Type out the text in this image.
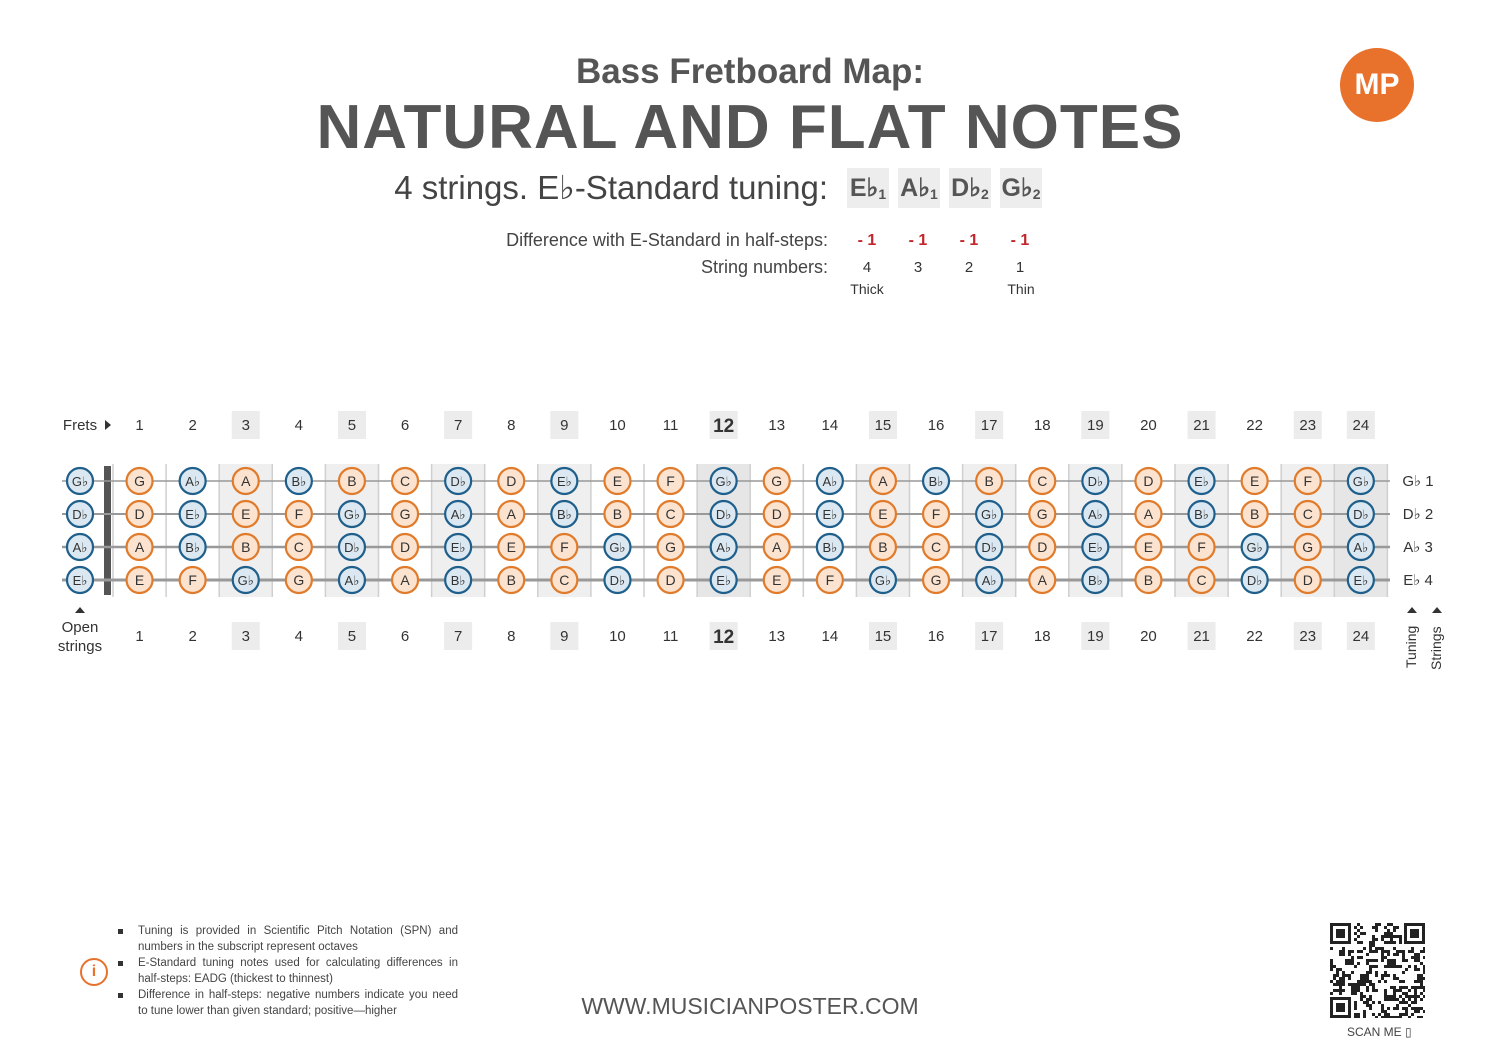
Bass Fretboard Map:
NATURAL AND FLAT NOTES
MP
4 strings. E♭-Standard tuning: E♭ 1 A♭ 1 D♭ 2 G♭ 2
Difference with E-Standard in half-steps:	- 1	- 1	- 1	- 1
String numbers:	4	3	2	1
Thick	Thin
1	2	3	4	5	6	7	8	9	10 11 12 13 14 15 16 17 18 19 20 21 22 23 24
1	2	3	4	5	6	7	8	9	10 11 12 13 14 15 16 17 18 19 20 21 22 23 24
Frets
Open
strings
G♭	G	A♭	A	B♭	B	C	D♭	D	E♭	E	F	G♭	G	A♭	A	B♭	B	C	D♭	D	E♭	E	F	G♭ G♭ 1
D♭	D	E♭	E	F	G♭	G	A♭	A	B♭	B	C	D♭	D	E♭	E	F	G♭	G	A♭	A	B♭	B	C	D♭ D♭ 2
A♭	A	B♭	B	C	D♭	D	E♭	E	F	G♭	G	A♭	A	B♭	B	C	D♭	D	E♭	E	F	G♭	G	A♭ A♭ 3
E♭	E	F	G♭	G	A♭	A	B♭	B	C	D♭	D	E♭	E	F	G♭	G	A♭	A	B♭	B	C	D♭	D	E♭ E♭ 4
Tuning Strings
i
Tuning is provided in Scientific Pitch Notation (SPN) and numbers in the subscript represent octaves
E-Standard tuning notes used for calculating differences in half-steps: EADG (thickest to thinnest)
Difference in half-steps: negative numbers indicate you need to tune lower than given standard; positive—higher	WWW.MUSICIANPOSTER.COM
SCAN ME ▯
